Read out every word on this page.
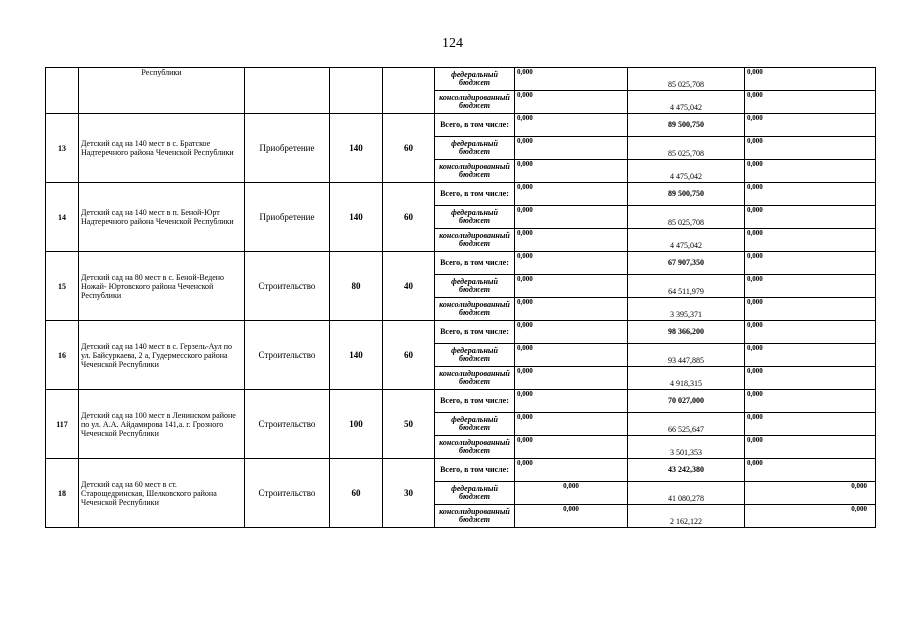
124
	Республики				федеральный бюджет	0,000	85 025,708	0,000
					консолидированный бюджет	0,000	4 475,042	0,000
13	Детский сад на 140 мест в с. Братское Надтеречного района Чеченской Республики	Приобретение	140	60	Всего, в том числе:	0,000	89 500,750	0,000
					федеральный бюджет	0,000	85 025,708	0,000
					консолидированный бюджет	0,000	4 475,042	0,000
14	Детский сад на 140 мест в п. Беной-Юрт Надтеречного района Чеченской Республики	Приобретение	140	60	Всего, в том числе:	0,000	89 500,750	0,000
					федеральный бюджет	0,000	85 025,708	0,000
					консолидированный бюджет	0,000	4 475,042	0,000
15	Детский сад на 80 мест в с. Беной-Ведено Ножай- Юртовского района Чеченской Республики	Строительство	80	40	Всего, в том числе:	0,000	67 907,350	0,000
					федеральный бюджет	0,000	64 511,979	0,000
					консолидированный бюджет	0,000	3 395,371	0,000
16	Детский сад на 140 мест в с. Герзель-Аул по ул. Байсуркаева, 2 а, Гудермесского района Чеченской Республики	Строительство	140	60	Всего, в том числе:	0,000	98 366,200	0,000
					федеральный бюджет	0,000	93 447,885	0,000
					консолидированный бюджет	0,000	4 918,315	0,000
117	Детский сад на 100 мест в Ленинском районе по ул. А.А. Айдамирова 141,а. г. Грозного Чеченской Республики	Строительство	100	50	Всего, в том числе:	0,000	70 027,000	0,000
					федеральный бюджет	0,000	66 525,647	0,000
					консолидированный бюджет	0,000	3 501,353	0,000
18	Детский сад на 60 мест в ст. Старощедринская, Шелковского района Чеченской Республики	Строительство	60	30	Всего, в том числе:	0,000	43 242,380	0,000
					федеральный бюджет	0,000	41 080,278	0,000
					консолидированный бюджет	0,000	2 162,122	0,000
